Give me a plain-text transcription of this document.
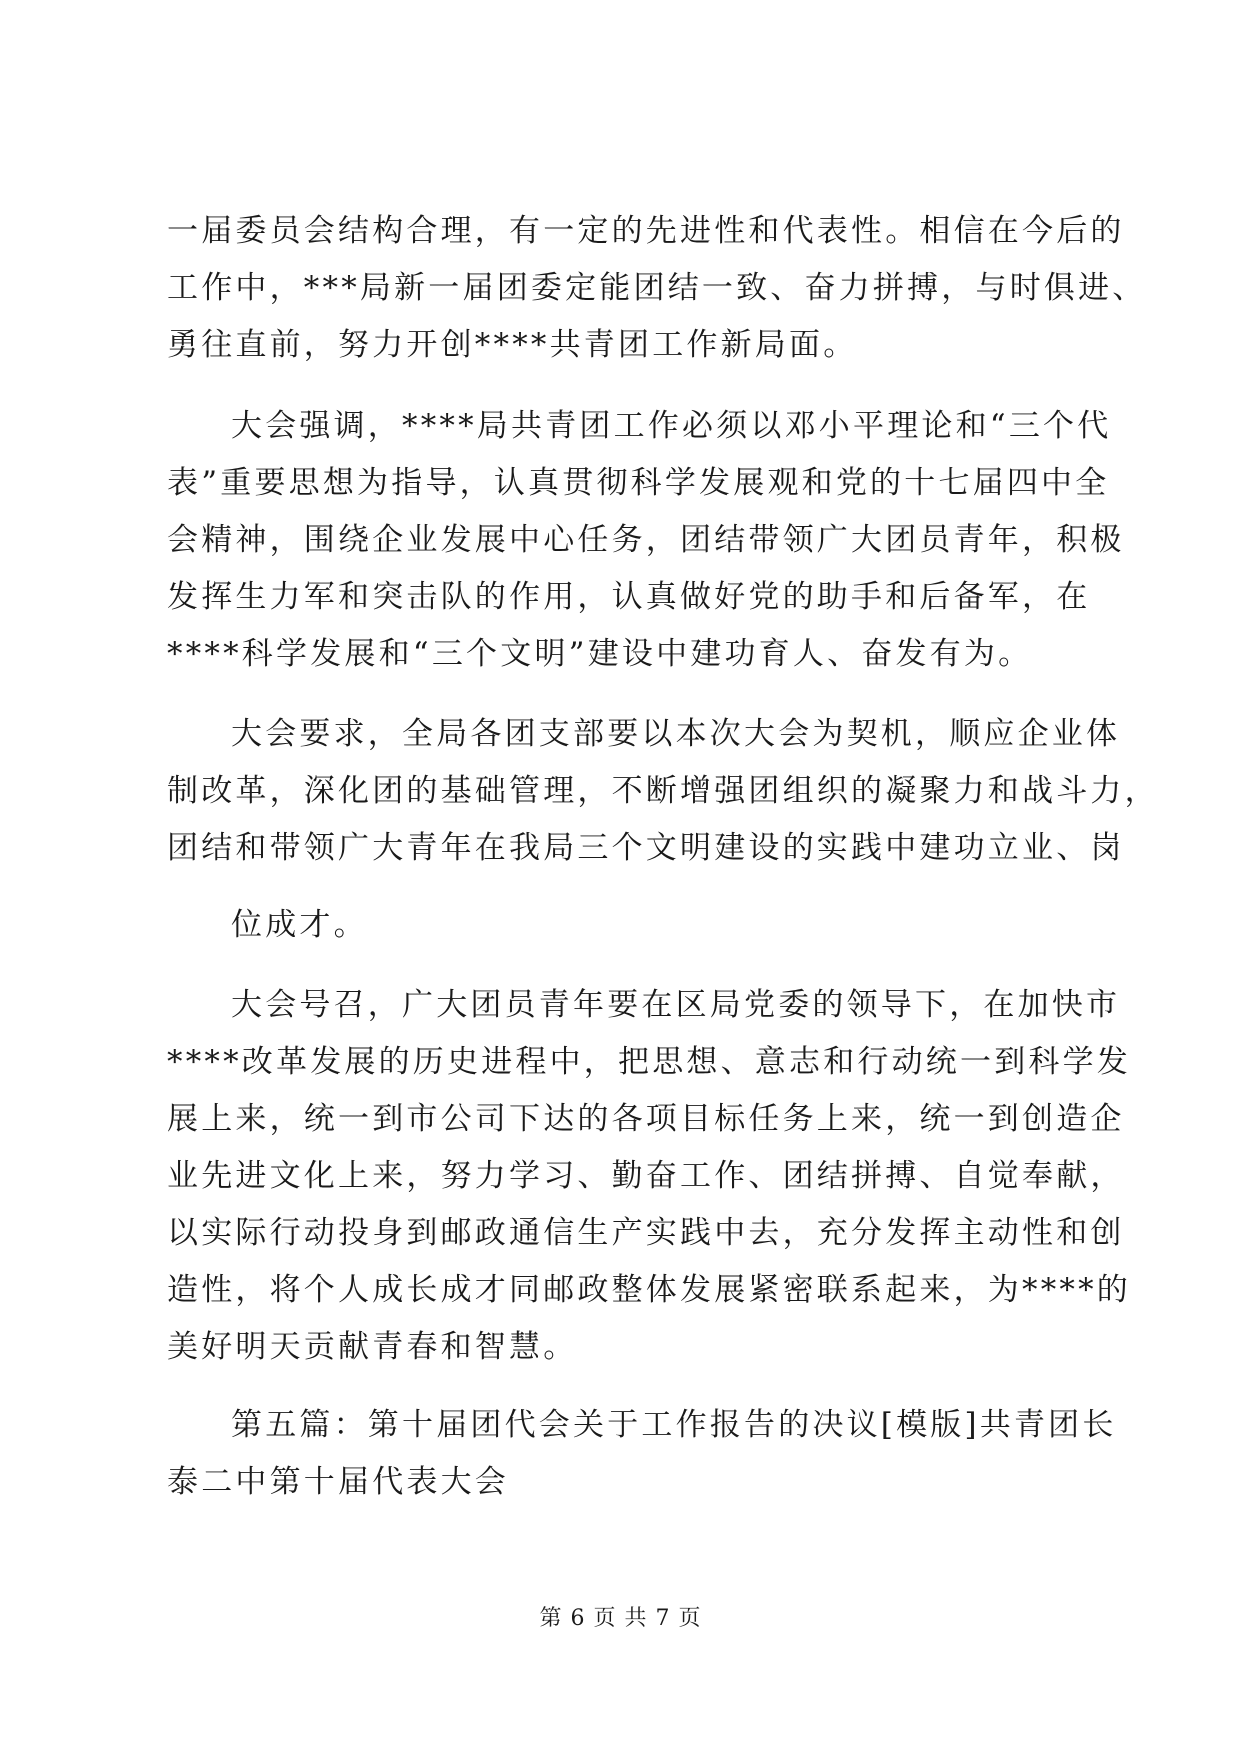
一届委员会结构合理，有一定的先进性和代表性。相信在今后的
工作中，***局新一届团委定能团结一致、奋力拼搏，与时俱进、
勇往直前，努力开创****共青团工作新局面。
大会强调，****局共青团工作必须以邓小平理论和“三个代
表”重要思想为指导，认真贯彻科学发展观和党的十七届四中全
会精神，围绕企业发展中心任务，团结带领广大团员青年，积极
发挥生力军和突击队的作用，认真做好党的助手和后备军，在
****科学发展和“三个文明”建设中建功育人、奋发有为。
大会要求，全局各团支部要以本次大会为契机，顺应企业体
制改革，深化团的基础管理，不断增强团组织的凝聚力和战斗力，
团结和带领广大青年在我局三个文明建设的实践中建功立业、岗
位成才。
大会号召，广大团员青年要在区局党委的领导下，在加快市
****改革发展的历史进程中，把思想、意志和行动统一到科学发
展上来，统一到市公司下达的各项目标任务上来，统一到创造企
业先进文化上来，努力学习、勤奋工作、团结拼搏、自觉奉献，
以实际行动投身到邮政通信生产实践中去，充分发挥主动性和创
造性，将个人成长成才同邮政整体发展紧密联系起来，为****的
美好明天贡献青春和智慧。
第五篇：第十届团代会关于工作报告的决议[模版]共青团长
泰二中第十届代表大会
第 6 页 共 7 页
